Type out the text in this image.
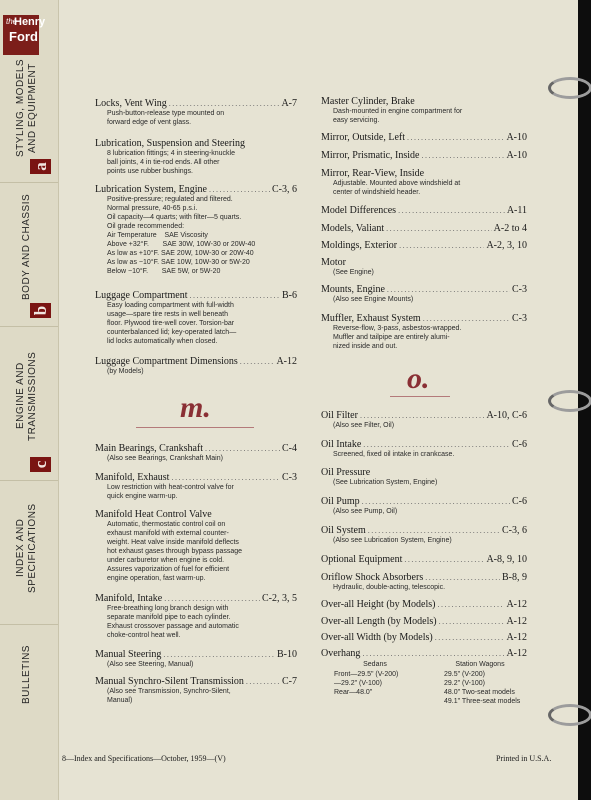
the
Henry
Ford
STYLING, MODELS AND EQUIPMENT
a
BODY AND CHASSIS
b
ENGINE AND TRANSMISSIONS
c
INDEX AND SPECIFICATIONS
BULLETINS
Locks, Vent Wing .....	A-7
Push-button-release type mounted on
forward edge of vent glass.
Lubrication, Suspension and Steering
8 lubrication fittings; 4 in steering-knuckle
ball joints, 4 in tie-rod ends. All other
points use rubber bushings.
Lubrication System, Engine .....	C-3, 6
Positive-pressure; regulated and filtered.
Normal pressure, 40-65 p.s.i.
Oil capacity—4 quarts; with filter—5 quarts.
Oil grade recommended:
Air Temperature    SAE Viscosity
Above +32°F.       SAE 30W, 10W-30 or 20W-40
As low as +10°F. SAE 20W, 10W-30 or 20W-40
As low as −10°F. SAE 10W, 10W-30 or 5W-20
Below −10°F.       SAE 5W, or 5W-20
Luggage Compartment .....	B-6
Easy loading compartment with full-width
usage—spare tire rests in well beneath
floor. Plywood tire-well cover. Torsion-bar
counterbalanced lid; key-operated latch—
lid locks automatically when closed.
Luggage Compartment Dimensions .....	A-12
(by Models)
Main Bearings, Crankshaft .....	C-4
(Also see Bearings, Crankshaft Main)
Manifold, Exhaust .....	C-3
Low restriction with heat-control valve for
quick engine warm-up.
Manifold Heat Control Valve
Automatic, thermostatic control coil on
exhaust manifold with external counter-
weight. Heat valve inside manifold deflects
hot exhaust gases through bypass passage
under carburetor when engine is cold.
Assures vaporization of fuel for efficient
engine operation, fast warm-up.
Manifold, Intake .....	C-2, 3, 5
Free-breathing long branch design with
separate manifold pipe to each cylinder.
Exhaust crossover passage and automatic
choke-control heat well.
Manual Steering .....	B-10
(Also see Steering, Manual)
Manual Synchro-Silent Transmission .....	C-7
(Also see Transmission, Synchro-Silent,
Manual)
m.
Master Cylinder, Brake
Dash-mounted in engine compartment for
easy servicing.
Mirror, Outside, Left .....	A-10
Mirror, Prismatic, Inside .....	A-10
Mirror, Rear-View, Inside
Adjustable. Mounted above windshield at
center of windshield header.
Model Differences .....	A-11
Models, Valiant .....	A-2 to 4
Moldings, Exterior .....	A-2, 3, 10
Motor
(See Engine)
Mounts, Engine .....	C-3
(Also see Engine Mounts)
Muffler, Exhaust System .....	C-3
Reverse-flow, 3-pass, asbestos-wrapped.
Muffler and tailpipe are entirely alumi-
nized inside and out.
Oil Filter .....	A-10, C-6
(Also see Filter, Oil)
Oil Intake .....	C-6
Screened, fixed oil intake in crankcase.
Oil Pressure
(See Lubrication System, Engine)
Oil Pump .....	C-6
(Also see Pump, Oil)
Oil System .....	C-3, 6
(Also see Lubrication System, Engine)
Optional Equipment .....	A-8, 9, 10
Oriflow Shock Absorbers .....	B-8, 9
Hydraulic, double-acting, telescopic.
Over-all Height (by Models) .....	A-12
Over-all Length (by Models) .....	A-12
Over-all Width (by Models) .....	A-12
Overhang .....	A-12
o.
Sedans	Station Wagons
Front—29.5" (V-200)
—29.2" (V-100)
Rear—48.0"
29.5" (V-200)
29.2" (V-100)
48.0" Two-seat models
49.1" Three-seat models
8—Index and Specifications—October, 1959—(V)	Printed in U.S.A.
